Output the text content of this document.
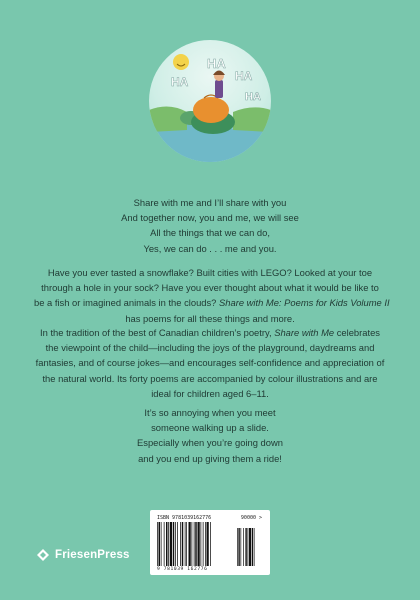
HA
HA
HA
HA
Share with me and I’ll share with you
And together now, you and me, we will see
All the things that we can do,
Yes, we can do . . . me and you.
Have you ever tasted a snowflake? Built cities with LEGO? Looked at your toe
through a hole in your sock? Have you ever thought about what it would be like to
be a fish or imagined animals in the clouds? Share with Me: Poems for Kids Volume II
has poems for all these things and more.
In the tradition of the best of Canadian children’s poetry, Share with Me celebrates
the viewpoint of the child—including the joys of the playground, daydreams and
fantasies, and of course jokes—and encourages self-confidence and appreciation of
the natural world. Its forty poems are accompanied by colour illustrations and are
ideal for children aged 6–11.
It’s so annoying when you meet
someone walking up a slide.
Especially when you’re going down
and you end up giving them a ride!
FriesenPress
ISBN 9781039162776	90000 >
9 781039 162776
